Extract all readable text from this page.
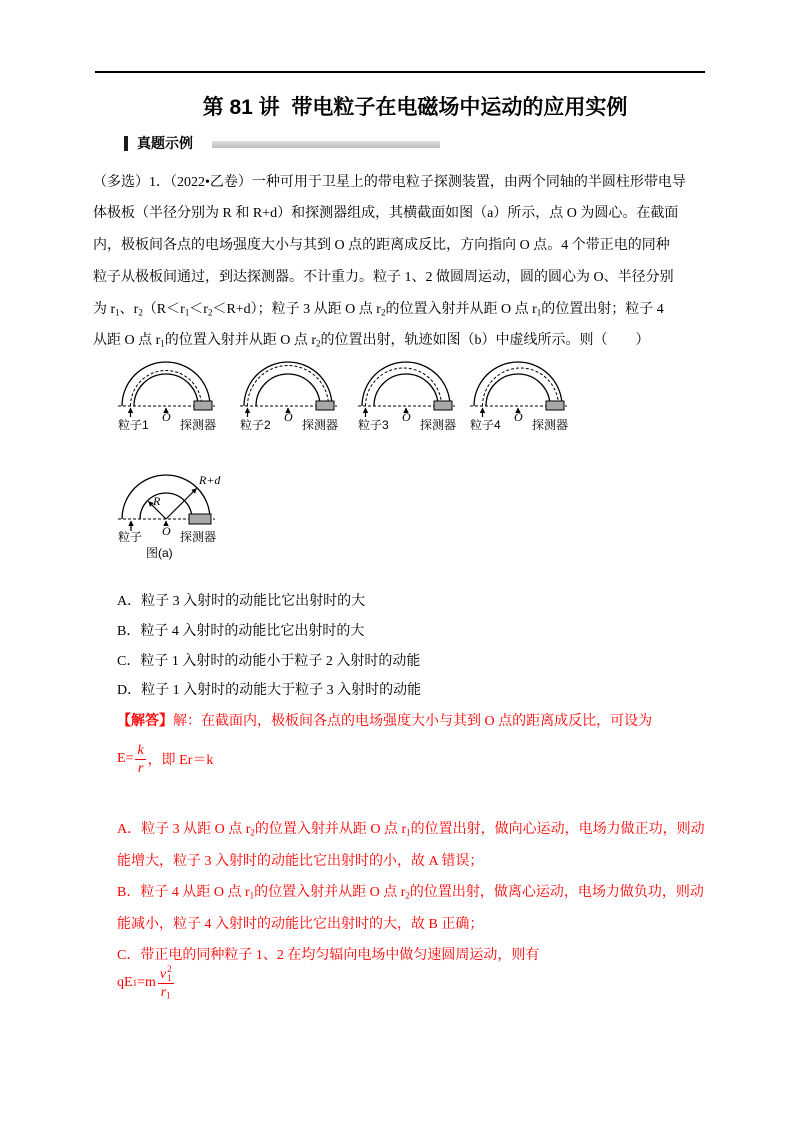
第 81 讲  带电粒子在电磁场中运动的应用实例
真题示例
（多选）1．（2022•乙卷）一种可用于卫星上的带电粒子探测装置，由两个同轴的半圆柱形带电导
体极板（半径分别为 R 和 R+d）和探测器组成，其横截面如图（a）所示，点 O 为圆心。在截面
内，极板间各点的电场强度大小与其到 O 点的距离成反比，方向指向 O 点。4 个带正电的同种
粒子从极板间通过，到达探测器。不计重力。粒子 1、2 做圆周运动，圆的圆心为 O、半径分别
为 $r_1$、$r_2(R<r_1<r_2<R+d)$；粒子 3 从距 O 点 $r_2$的位置入射并从距 O 点 $r_1$的位置出射；粒子 4
从距 O 点 $r_1$的位置入射并从距 O 点 $r_2$的位置出射，轨迹如图（b）中虚线所示。则（　　）
O
粒子1	探测器
O
粒子2	探测器
O
粒子3	探测器
O
粒子4	探测器
R+d
R
O
粒子	探测器
图(a)
A．粒子 3 入射时的动能比它出射时的大
B．粒子 4 入射时的动能比它出射时的大
C．粒子 1 入射时的动能小于粒子 2 入射时的动能
D．粒子 1 入射时的动能大于粒子 3 入射时的动能
【解答】解：在截面内，极板间各点的电场强度大小与其到 O 点的距离成反比，可设为
$E= \frac{k}{r}$ ，即 Er＝k
A．粒子 3 从距 O 点 $r_2$的位置入射并从距 O 点 $r_1$的位置出射，做向心运动，电场力做正功，则动
能增大，粒子 3 入射时的动能比它出射时的小，故 A 错误；
B．粒子 4 从距 O 点 $r_1$的位置入射并从距 O 点 $r_2$的位置出射，做离心运动，电场力做负功，则动
能减小，粒子 4 入射时的动能比它出射时的大，故 B 正确；
C．带正电的同种粒子 1、2 在均匀辐向电场中做匀速圆周运动，则有
qE 1 =m v 2
1
$r_1$
